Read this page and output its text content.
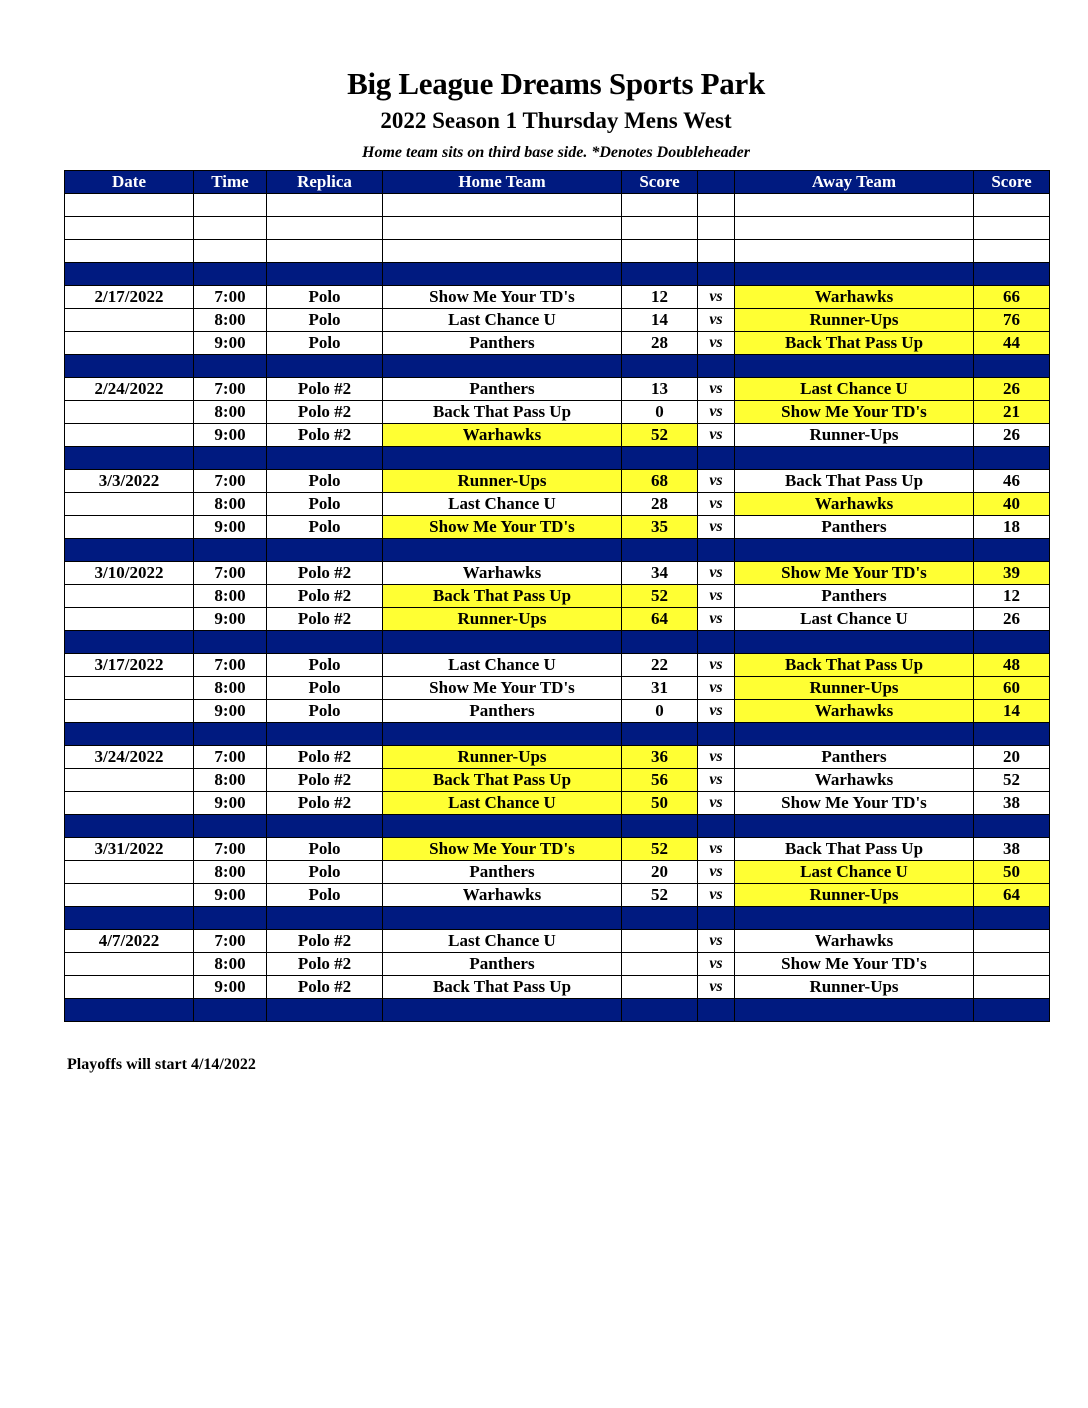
Big League Dreams Sports Park
2022 Season 1 Thursday Mens West
Home team sits on third base side. *Denotes Doubleheader
Date	Time	Replica	Home Team	Score		Away Team	Score

2/17/2022	7:00	Polo	Show Me Your TD's	12	vs	Warhawks	66
	8:00	Polo	Last Chance U	14	vs	Runner-Ups	76
	9:00	Polo	Panthers	28	vs	Back That Pass Up	44

2/24/2022	7:00	Polo #2	Panthers	13	vs	Last Chance U	26
	8:00	Polo #2	Back That Pass Up	0	vs	Show Me Your TD's	21
	9:00	Polo #2	Warhawks	52	vs	Runner-Ups	26

3/3/2022	7:00	Polo	Runner-Ups	68	vs	Back That Pass Up	46
	8:00	Polo	Last Chance U	28	vs	Warhawks	40
	9:00	Polo	Show Me Your TD's	35	vs	Panthers	18

3/10/2022	7:00	Polo #2	Warhawks	34	vs	Show Me Your TD's	39
	8:00	Polo #2	Back That Pass Up	52	vs	Panthers	12
	9:00	Polo #2	Runner-Ups	64	vs	Last Chance U	26

3/17/2022	7:00	Polo	Last Chance U	22	vs	Back That Pass Up	48
	8:00	Polo	Show Me Your TD's	31	vs	Runner-Ups	60
	9:00	Polo	Panthers	0	vs	Warhawks	14

3/24/2022	7:00	Polo #2	Runner-Ups	36	vs	Panthers	20
	8:00	Polo #2	Back That Pass Up	56	vs	Warhawks	52
	9:00	Polo #2	Last Chance U	50	vs	Show Me Your TD's	38

3/31/2022	7:00	Polo	Show Me Your TD's	52	vs	Back That Pass Up	38
	8:00	Polo	Panthers	20	vs	Last Chance U	50
	9:00	Polo	Warhawks	52	vs	Runner-Ups	64

4/7/2022	7:00	Polo #2	Last Chance U		vs	Warhawks	
	8:00	Polo #2	Panthers		vs	Show Me Your TD's	
	9:00	Polo #2	Back That Pass Up		vs	Runner-Ups	

Playoffs will start 4/14/2022
